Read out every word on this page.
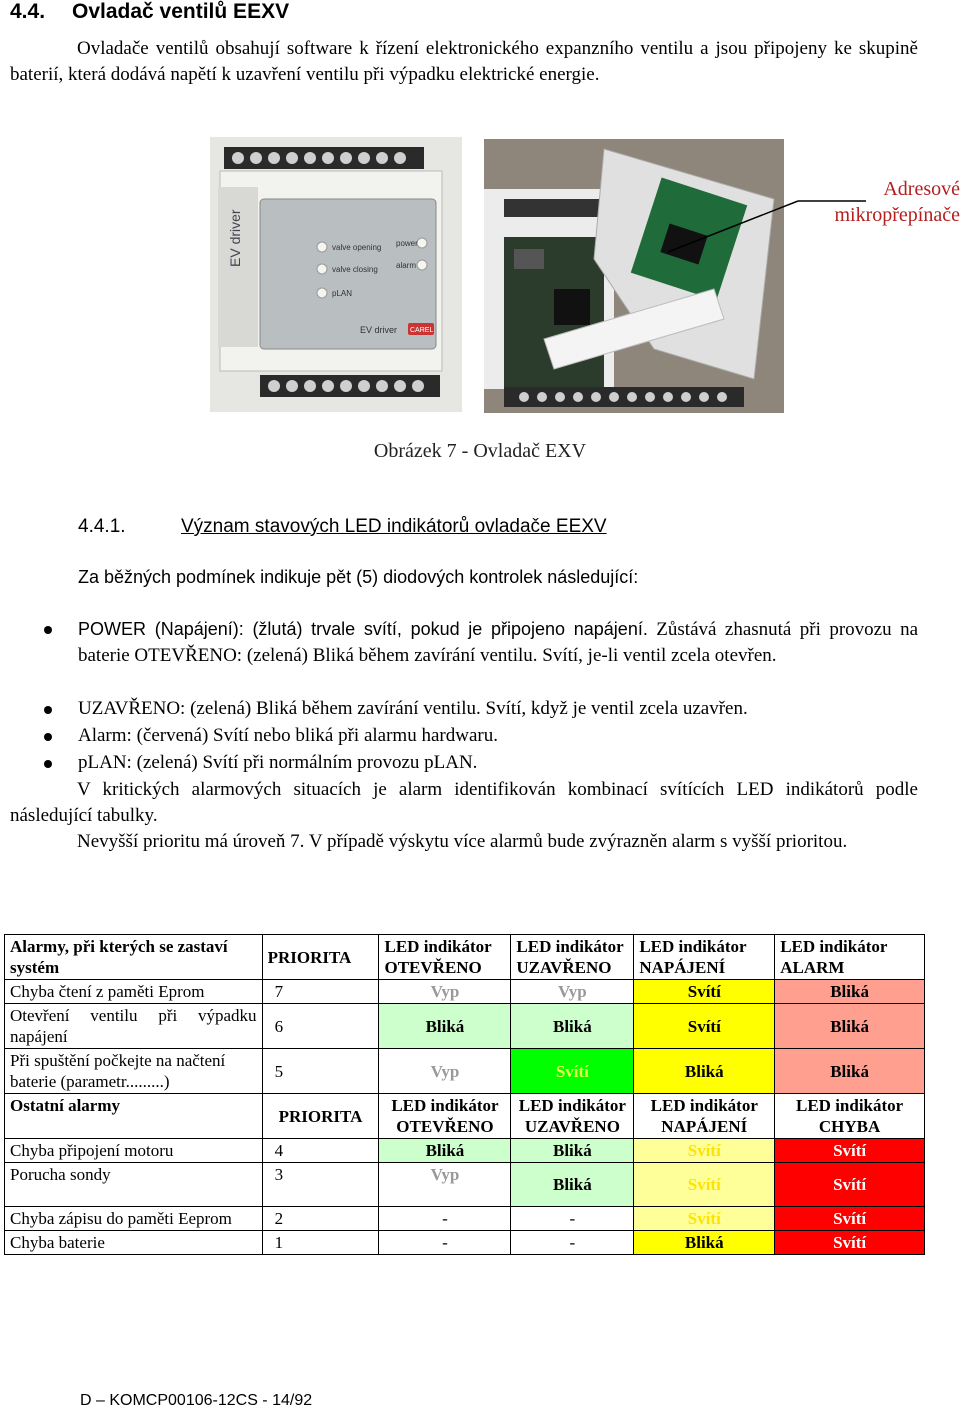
4.4. Ovladač ventilů EEXV
Ovladače ventilů obsahují software k řízení elektronického expanzního ventilu a jsou připojeny ke skupině baterií, která dodává napětí k uzavření ventilu při výpadku elektrické energie.
EV driver	valve opening power
valve closing alarm
pLAN
EV driver CAREL
Adresové
mikropřepínače
Obrázek 7 - Ovladač EXV
4.4.1.	Význam stavových LED indikátorů ovladače EEXV
Za běžných podmínek indikuje pět (5) diodových kontrolek následující:
POWER (Napájení): (žlutá) trvale svítí, pokud je připojeno napájení. Zůstává zhasnutá při provozu na baterie OTEVŘENO: (zelená) Bliká během zavírání ventilu. Svítí, je-li ventil zcela otevřen.
UZAVŘENO: (zelená) Bliká během zavírání ventilu. Svítí, když je ventil zcela uzavřen.
Alarm: (červená) Svítí nebo bliká při alarmu hardwaru.
pLAN: (zelená) Svítí při normálním provozu pLAN.
V kritických alarmových situacích je alarm identifikován kombinací svítících LED indikátorů podle následující tabulky.
Nevyšší prioritu má úroveň 7. V případě výskytu více alarmů bude zvýrazněn alarm s vyšší prioritou.
Alarmy, při kterých se zastaví systém	PRIORITA	LED indikátor OTEVŘENO	LED indikátor UZAVŘENO	LED indikátor NAPÁJENÍ	LED indikátor ALARM
Chyba čtení z paměti Eprom	7	Vyp	Vyp	Svítí	Bliká
Otevření ventilu při výpadku napájení	6	Bliká	Bliká	Svítí	Bliká
Při spuštění počkejte na načtení baterie (parametr.........)	5	Vyp	Svítí	Bliká	Bliká
Ostatní alarmy	PRIORITA	LED indikátor OTEVŘENO	LED indikátor UZAVŘENO	LED indikátor NAPÁJENÍ	LED indikátor CHYBA
Chyba připojení motoru	4	Bliká	Bliká	Svítí	Svítí
Porucha sondy	3	Vyp	Bliká	Svítí	Svítí
Chyba zápisu do paměti Eeprom	2	-	-	Svítí	Svítí
Chyba baterie	1	-	-	Bliká	Svítí
D – KOMCP00106-12CS - 14/92
